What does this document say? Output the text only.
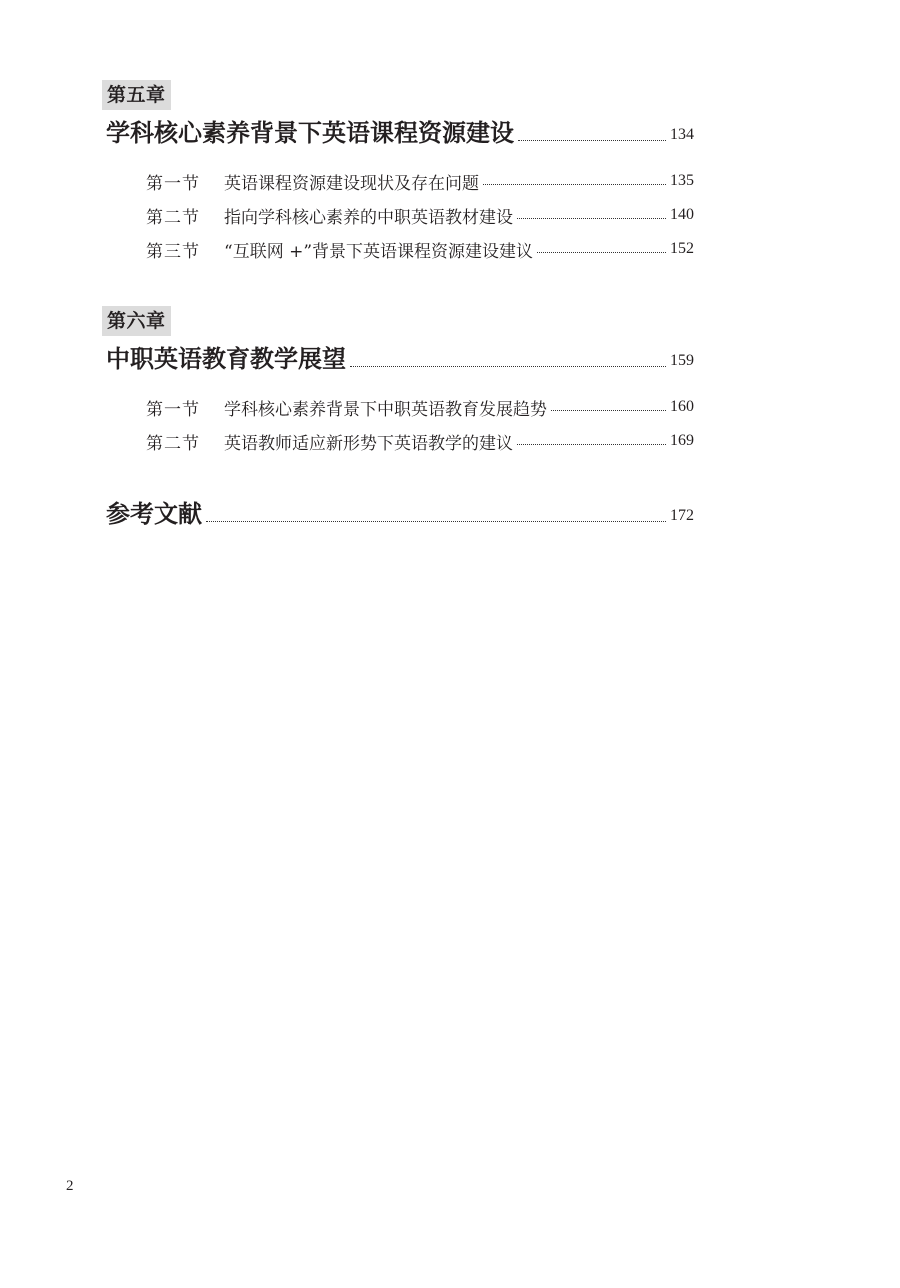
第五章
学科核心素养背景下英语课程资源建设	134
第一节	英语课程资源建设现状及存在问题	135
第二节	指向学科核心素养的中职英语教材建设	140
第三节	“互联网 +”背景下英语课程资源建设建议	152
第六章
中职英语教育教学展望	159
第一节	学科核心素养背景下中职英语教育发展趋势	160
第二节	英语教师适应新形势下英语教学的建议	169
参考文献	172
2
